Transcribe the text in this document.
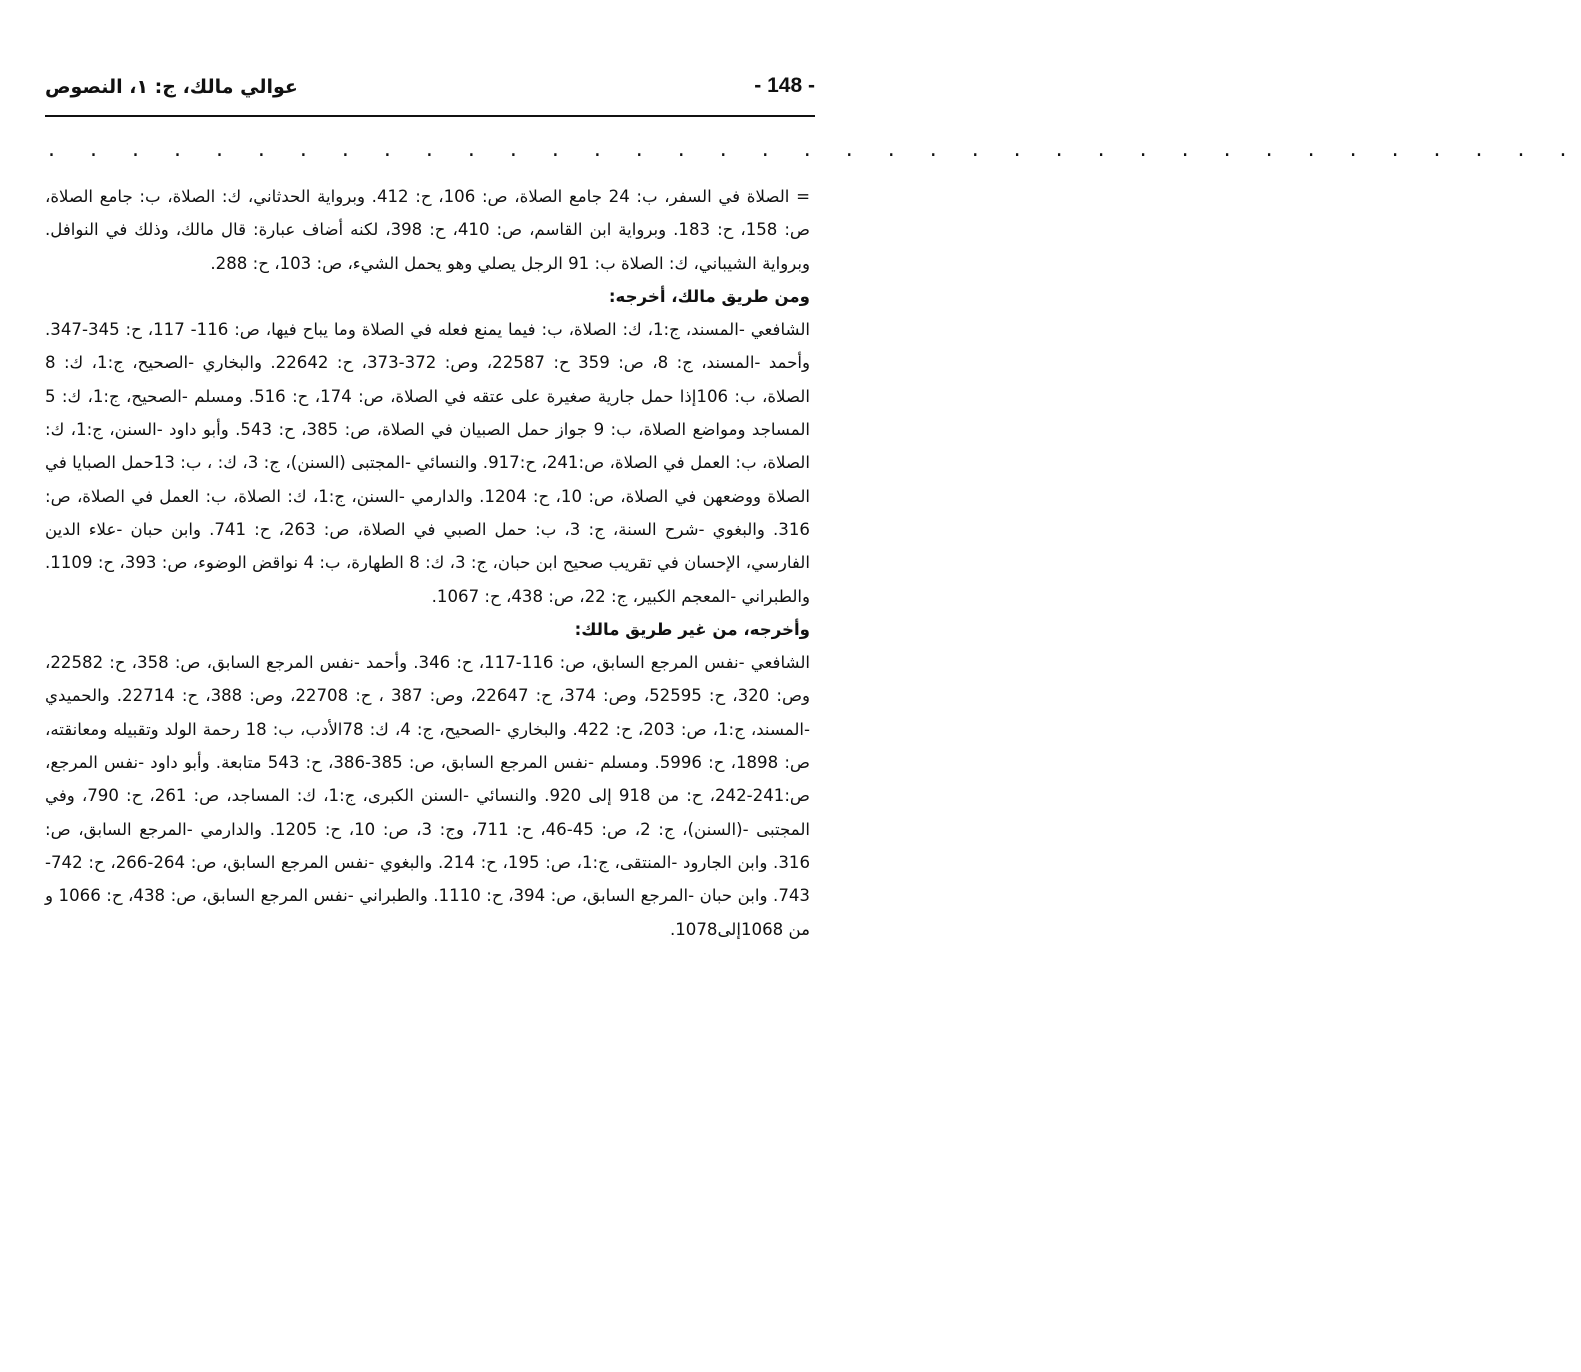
- 148 -
عوالي مالك، ج: ١، النصوص
. . . . . . . . . . . . . . . . . . . . . . . . . . . . . . . . . . . . .

= الصلاة في السفر، ب: 24 جامع الصلاة، ص: 106، ح: 412. وبرواية الحدثاني، ك: الصلاة، ب: جامع الصلاة، ص: 158، ح: 183. وبرواية ابن القاسم، ص: 410، ح: 398، لكنه أضاف عبارة: قال مالك، وذلك في النوافل. وبرواية الشيباني، ك: الصلاة ب: 91 الرجل يصلي وهو يحمل الشيء، ص: 103، ح: 288.

ومن طريق مالك، أخرجه:

الشافعي -المسند، ج:1، ك: الصلاة، ب: فيما يمنع فعله في الصلاة وما يباح فيها، ص: 116- 117، ح: 345-347. وأحمد -المسند، ج: 8، ص: 359 ح: 22587، وص: 372-373، ح: 22642. والبخاري -الصحيح، ج:1، ك: 8 الصلاة، ب: 106إذا حمل جارية صغيرة على عتقه في الصلاة، ص: 174، ح: 516. ومسلم -الصحيح، ج:1، ك: 5 المساجد ومواضع الصلاة، ب: 9 جواز حمل الصبيان في الصلاة، ص: 385، ح: 543. وأبو داود -السنن، ج:1، ك: الصلاة، ب: العمل في الصلاة، ص:241، ح:917. والنسائي -المجتبى (السنن)، ج: 3، ك: ، ب: 13حمل الصبايا في الصلاة ووضعهن في الصلاة، ص: 10، ح: 1204. والدارمي -السنن، ج:1، ك: الصلاة، ب: العمل في الصلاة، ص: 316. والبغوي -شرح السنة، ج: 3، ب: حمل الصبي في الصلاة، ص: 263، ح: 741. وابن حبان -علاء الدين الفارسي، الإحسان في تقريب صحيح ابن حبان، ج: 3، ك: 8 الطهارة، ب: 4 نواقض الوضوء، ص: 393، ح: 1109. والطبراني -المعجم الكبير، ج: 22، ص: 438، ح: 1067.

وأخرجه، من غير طريق مالك:

الشافعي -نفس المرجع السابق، ص: 116-117، ح: 346. وأحمد -نفس المرجع السابق، ص: 358، ح: 22582، وص: 320، ح: 52595، وص: 374، ح: 22647، وص: 387 ، ح: 22708، وص: 388، ح: 22714. والحميدي -المسند، ج:1، ص: 203، ح: 422. والبخاري -الصحيح، ج: 4، ك: 78الأدب، ب: 18 رحمة الولد وتقبيله ومعانقته، ص: 1898، ح: 5996. ومسلم -نفس المرجع السابق، ص: 385-386، ح: 543 متابعة. وأبو داود -نفس المرجع، ص:241-242، ح: من 918 إلى 920. والنسائي -السنن الكبرى، ج:1، ك: المساجد، ص: 261، ح: 790، وفي المجتبى -(السنن)، ج: 2، ص: 45-46، ح: 711، وج: 3، ص: 10، ح: 1205. والدارمي -المرجع السابق، ص: 316. وابن الجارود -المنتقى، ج:1، ص: 195، ح: 214. والبغوي -نفس المرجع السابق، ص: 264-266، ح: 742-743. وابن حبان -المرجع السابق، ص: 394، ح: 1110. والطبراني -نفس المرجع السابق، ص: 438، ح: 1066 و من 1068إلى1078.
